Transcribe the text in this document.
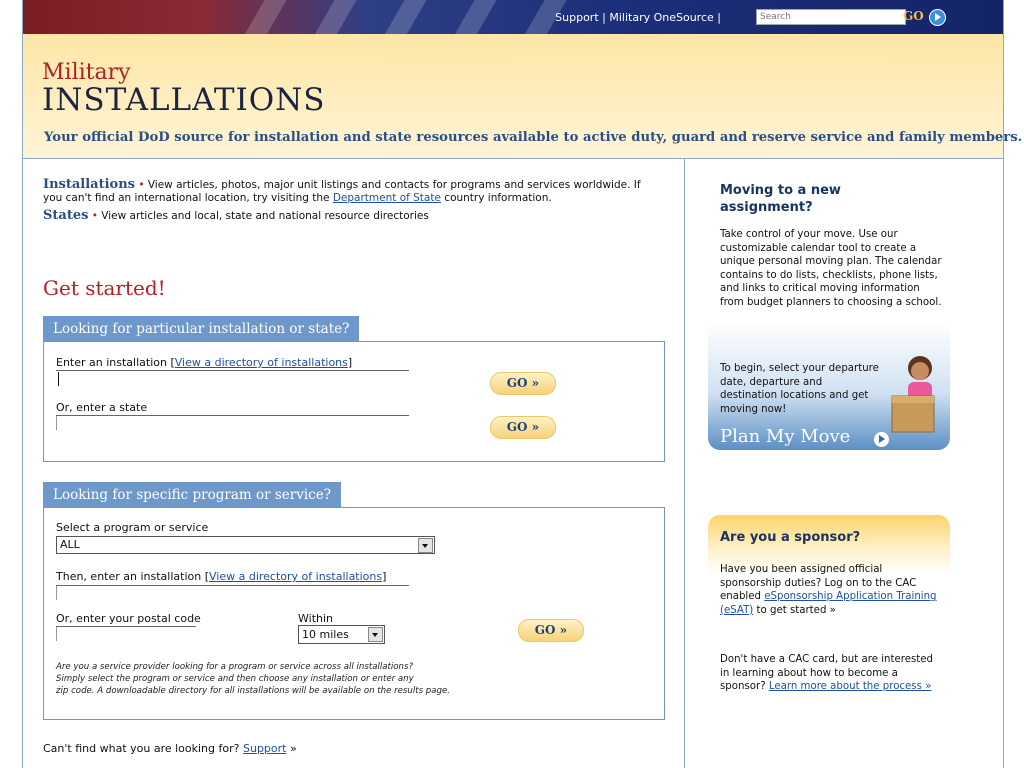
Support | Military OneSource |
Search	GO
Military
INSTALLATIONS
Your official DoD source for installation and state resources available to active duty, guard and reserve service and family members.
Installations • View articles, photos, major unit listings and contacts for programs and services worldwide. If you can't find an international location, try visiting the Department of State country information.
States • View articles and local, state and national resource directories
Get started!
Looking for particular installation or state?
Enter an installation [View a directory of installations]
GO »
Or, enter a state
GO »
Looking for specific program or service?
Select a program or service
ALL
Then, enter an installation [View a directory of installations]
Or, enter your postal code	Within
10 miles	GO »
Are you a service provider looking for a program or service across all installations?
Simply select the program or service and then choose any installation or enter any
zip code. A downloadable directory for all installations will be available on the results page.
Can't find what you are looking for? Support »
Moving to a new assignment?
Take control of your move. Use our customizable calendar tool to create a unique personal moving plan. The calendar contains to do lists, checklists, phone lists, and links to critical moving information from budget planners to choosing a school.
To begin, select your departure date, departure and destination locations and get moving now!
Plan My Move
Are you a sponsor?
Have you been assigned official sponsorship duties? Log on to the CAC enabled eSponsorship Application Training (eSAT) to get started »
Don't have a CAC card, but are interested in learning about how to become a sponsor? Learn more about the process »
